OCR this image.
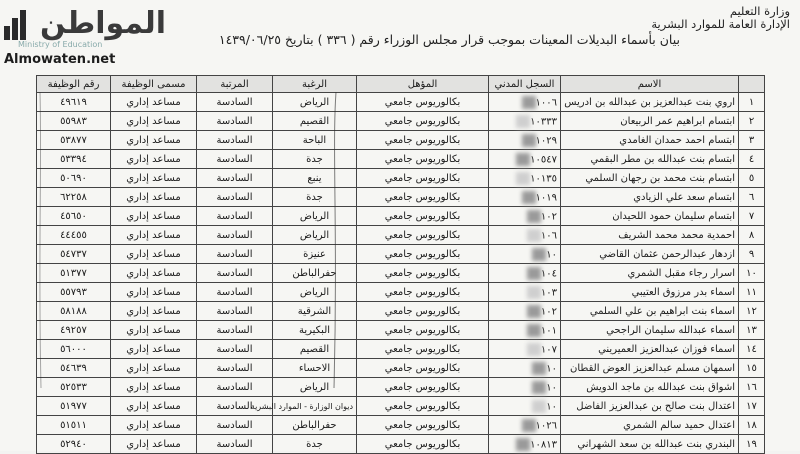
المواطن
Ministry of Education
Almowaten.net
وزارة التعليم
الإدارة العامة للموارد البشرية
بيان بأسماء البديلات المعينات بموجب قرار مجلس الوزراء رقم ( ٣٣٦ ) بتاريخ ١٤٣٩/٠٦/٢٥
	الاسم	السجل المدني	المؤهل	الرغبة	المرتبة	مسمى الوظيفة	رقم الوظيفة
١	اروي بنت عبدالعزيز بن عبدالله بن ادريس	١٠٠٦	بكالوريوس جامعي	الرياض	السادسة	مساعد إداري	٤٩٦١٩
٢	ابتسام ابراهيم عمر الربيعان	١٠٣٣٣	بكالوريوس جامعي	القصيم	السادسة	مساعد إداري	٥٥٩٨٣
٣	ابتسام احمد حمدان الغامدي	١٠٢٩	بكالوريوس جامعي	الباحة	السادسة	مساعد إداري	٥٣٨٧٧
٤	ابتسام بنت عبدالله بن مطر البقمي	١٠٥٤٧	بكالوريوس جامعي	جدة	السادسة	مساعد إداري	٥٣٣٩٤
٥	ابتسام بنت محمد بن رجهان السلمي	١٠١٣٥	بكالوريوس جامعي	ينبع	السادسة	مساعد إداري	٥٠٦٩٠
٦	ابتسام سعد علي الزيادي	١٠١٩	بكالوريوس جامعي	جدة	السادسة	مساعد إداري	٦٢٢٥٨
٧	ابتسام سليمان حمود اللحيدان	١٠٢	بكالوريوس جامعي	الرياض	السادسة	مساعد إداري	٤٥٦٥٠
٨	احمدية محمد محمد الشريف	١٠٦	بكالوريوس جامعي	الرياض	السادسة	مساعد إداري	٤٤٤٥٥
٩	ازدهار عبدالرحمن عثمان القاضي	١٠	بكالوريوس جامعي	عنيزة	السادسة	مساعد إداري	٥٤٧٣٧
١٠	اسرار رجاء مقبل الشمري	١٠٤	بكالوريوس جامعي	حفرالباطن	السادسة	مساعد إداري	٥١٣٧٧
١١	اسماء بدر مرزوق العتيبي	١٠٣	بكالوريوس جامعي	الرياض	السادسة	مساعد إداري	٥٥٧٩٣
١٢	اسماء بنت ابراهيم بن علي السلمي	١٠٢	بكالوريوس جامعي	الشرقية	السادسة	مساعد إداري	٥٨١٨٨
١٣	اسماء عبدالله سليمان الراجحي	١٠١	بكالوريوس جامعي	البكيرية	السادسة	مساعد إداري	٤٩٢٥٧
١٤	اسماء فوزان عبدالعزيز العميريني	١٠٧	بكالوريوس جامعي	القصيم	السادسة	مساعد إداري	٥٦٠٠٠
١٥	اسمهان مسلم عبدالعزيز العوض القطان	١٠	بكالوريوس جامعي	الاحساء	السادسة	مساعد إداري	٥٤٦٣٩
١٦	اشواق بنت عبدالله بن ماجد الدويش	١٠	بكالوريوس جامعي	الرياض	السادسة	مساعد إداري	٥٢٥٣٣
١٧	اعتدال بنت صالح بن عبدالعزيز الفاضل	١٠	بكالوريوس جامعي	ديوان الوزارة - الموارد البشرية	السادسة	مساعد إداري	٥١٩٧٧
١٨	اعتدال حميد سالم الشمري	١٠٢٦	بكالوريوس جامعي	حفرالباطن	السادسة	مساعد إداري	٥١٥١١
١٩	البندري بنت عبدالله بن سعد الشهراني	١٠٨١٣	بكالوريوس جامعي	جدة	السادسة	مساعد إداري	٥٢٩٤٠
